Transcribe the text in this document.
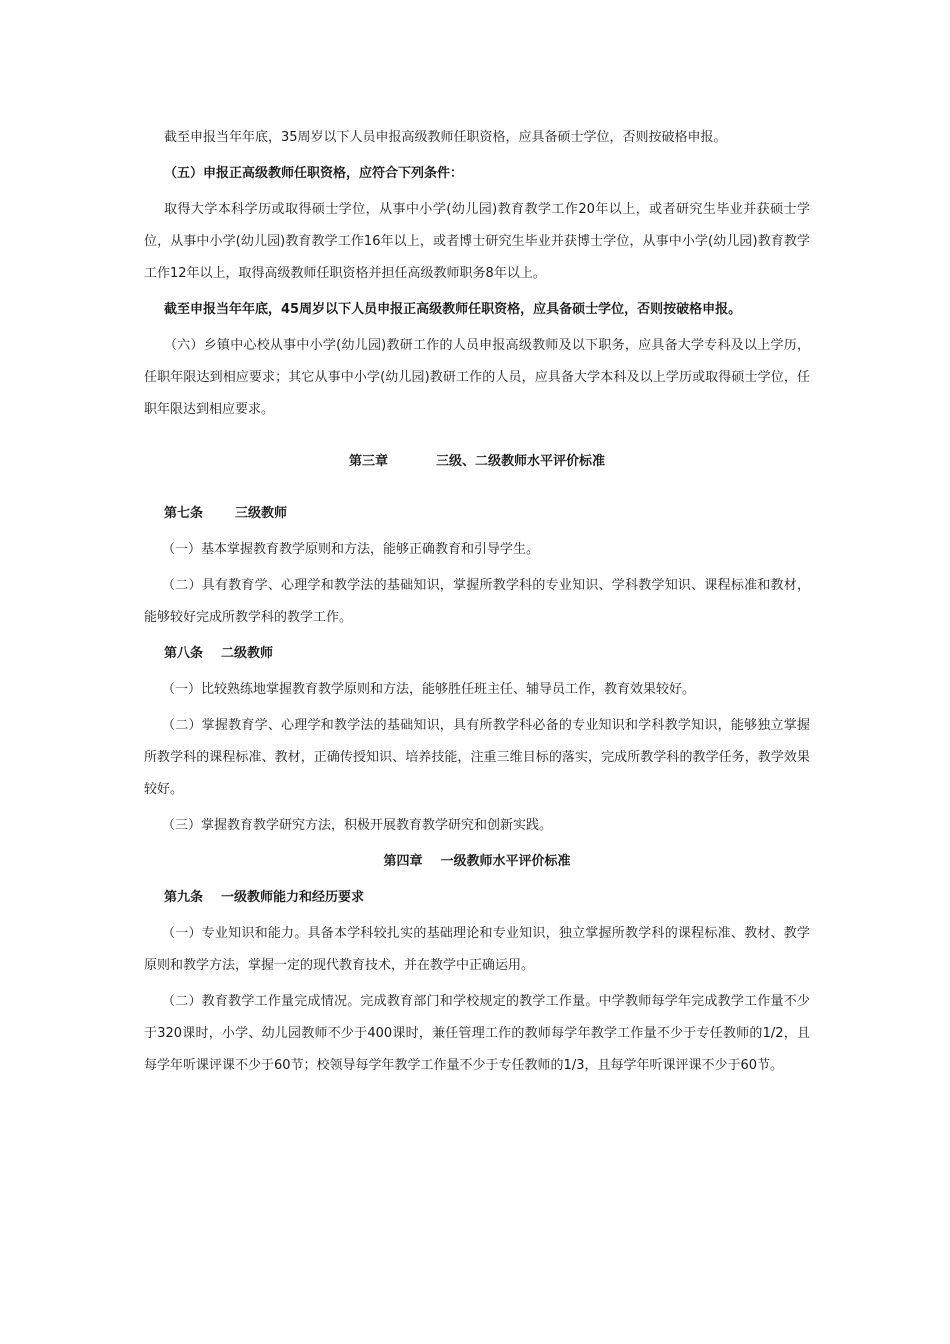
截至申报当年年底，35周岁以下人员申报高级教师任职资格，应具备硕士学位，否则按破格申报。

（五）申报正高级教师任职资格，应符合下列条件：

取得大学本科学历或取得硕士学位，从事中小学(幼儿园)教育教学工作20年以上，或者研究生毕业并获硕士学位，从事中小学(幼儿园)教育教学工作16年以上，或者博士研究生毕业并获博士学位，从事中小学(幼儿园)教育教学工作12年以上，取得高级教师任职资格并担任高级教师职务8年以上。

截至申报当年年底，45周岁以下人员申报正高级教师任职资格，应具备硕士学位，否则按破格申报。

（六）乡镇中心校从事中小学(幼儿园)教研工作的人员申报高级教师及以下职务，应具备大学专科及以上学历，任职年限达到相应要求；其它从事中小学(幼儿园)教研工作的人员，应具备大学本科及以上学历或取得硕士学位，任职年限达到相应要求。

第三章	三级、二级教师水平评价标准

第七条 三级教师

（一）基本掌握教育教学原则和方法，能够正确教育和引导学生。

（二）具有教育学、心理学和教学法的基础知识，掌握所教学科的专业知识、学科教学知识、课程标准和教材，能够较好完成所教学科的教学工作。

第八条 二级教师

（一）比较熟练地掌握教育教学原则和方法，能够胜任班主任、辅导员工作，教育效果较好。

（二）掌握教育学、心理学和教学法的基础知识，具有所教学科必备的专业知识和学科教学知识，能够独立掌握所教学科的课程标准、教材，正确传授知识、培养技能，注重三维目标的落实，完成所教学科的教学任务，教学效果较好。

（三）掌握教育教学研究方法，积极开展教育教学研究和创新实践。

第四章 一级教师水平评价标准

第九条 一级教师能力和经历要求

（一）专业知识和能力。具备本学科较扎实的基础理论和专业知识，独立掌握所教学科的课程标准、教材、教学原则和教学方法，掌握一定的现代教育技术，并在教学中正确运用。

（二）教育教学工作量完成情况。完成教育部门和学校规定的教学工作量。中学教师每学年完成教学工作量不少于320课时，小学、幼儿园教师不少于400课时，兼任管理工作的教师每学年教学工作量不少于专任教师的1/2，且每学年听课评课不少于60节；校领导每学年教学工作量不少于专任教师的1/3，且每学年听课评课不少于60节。
